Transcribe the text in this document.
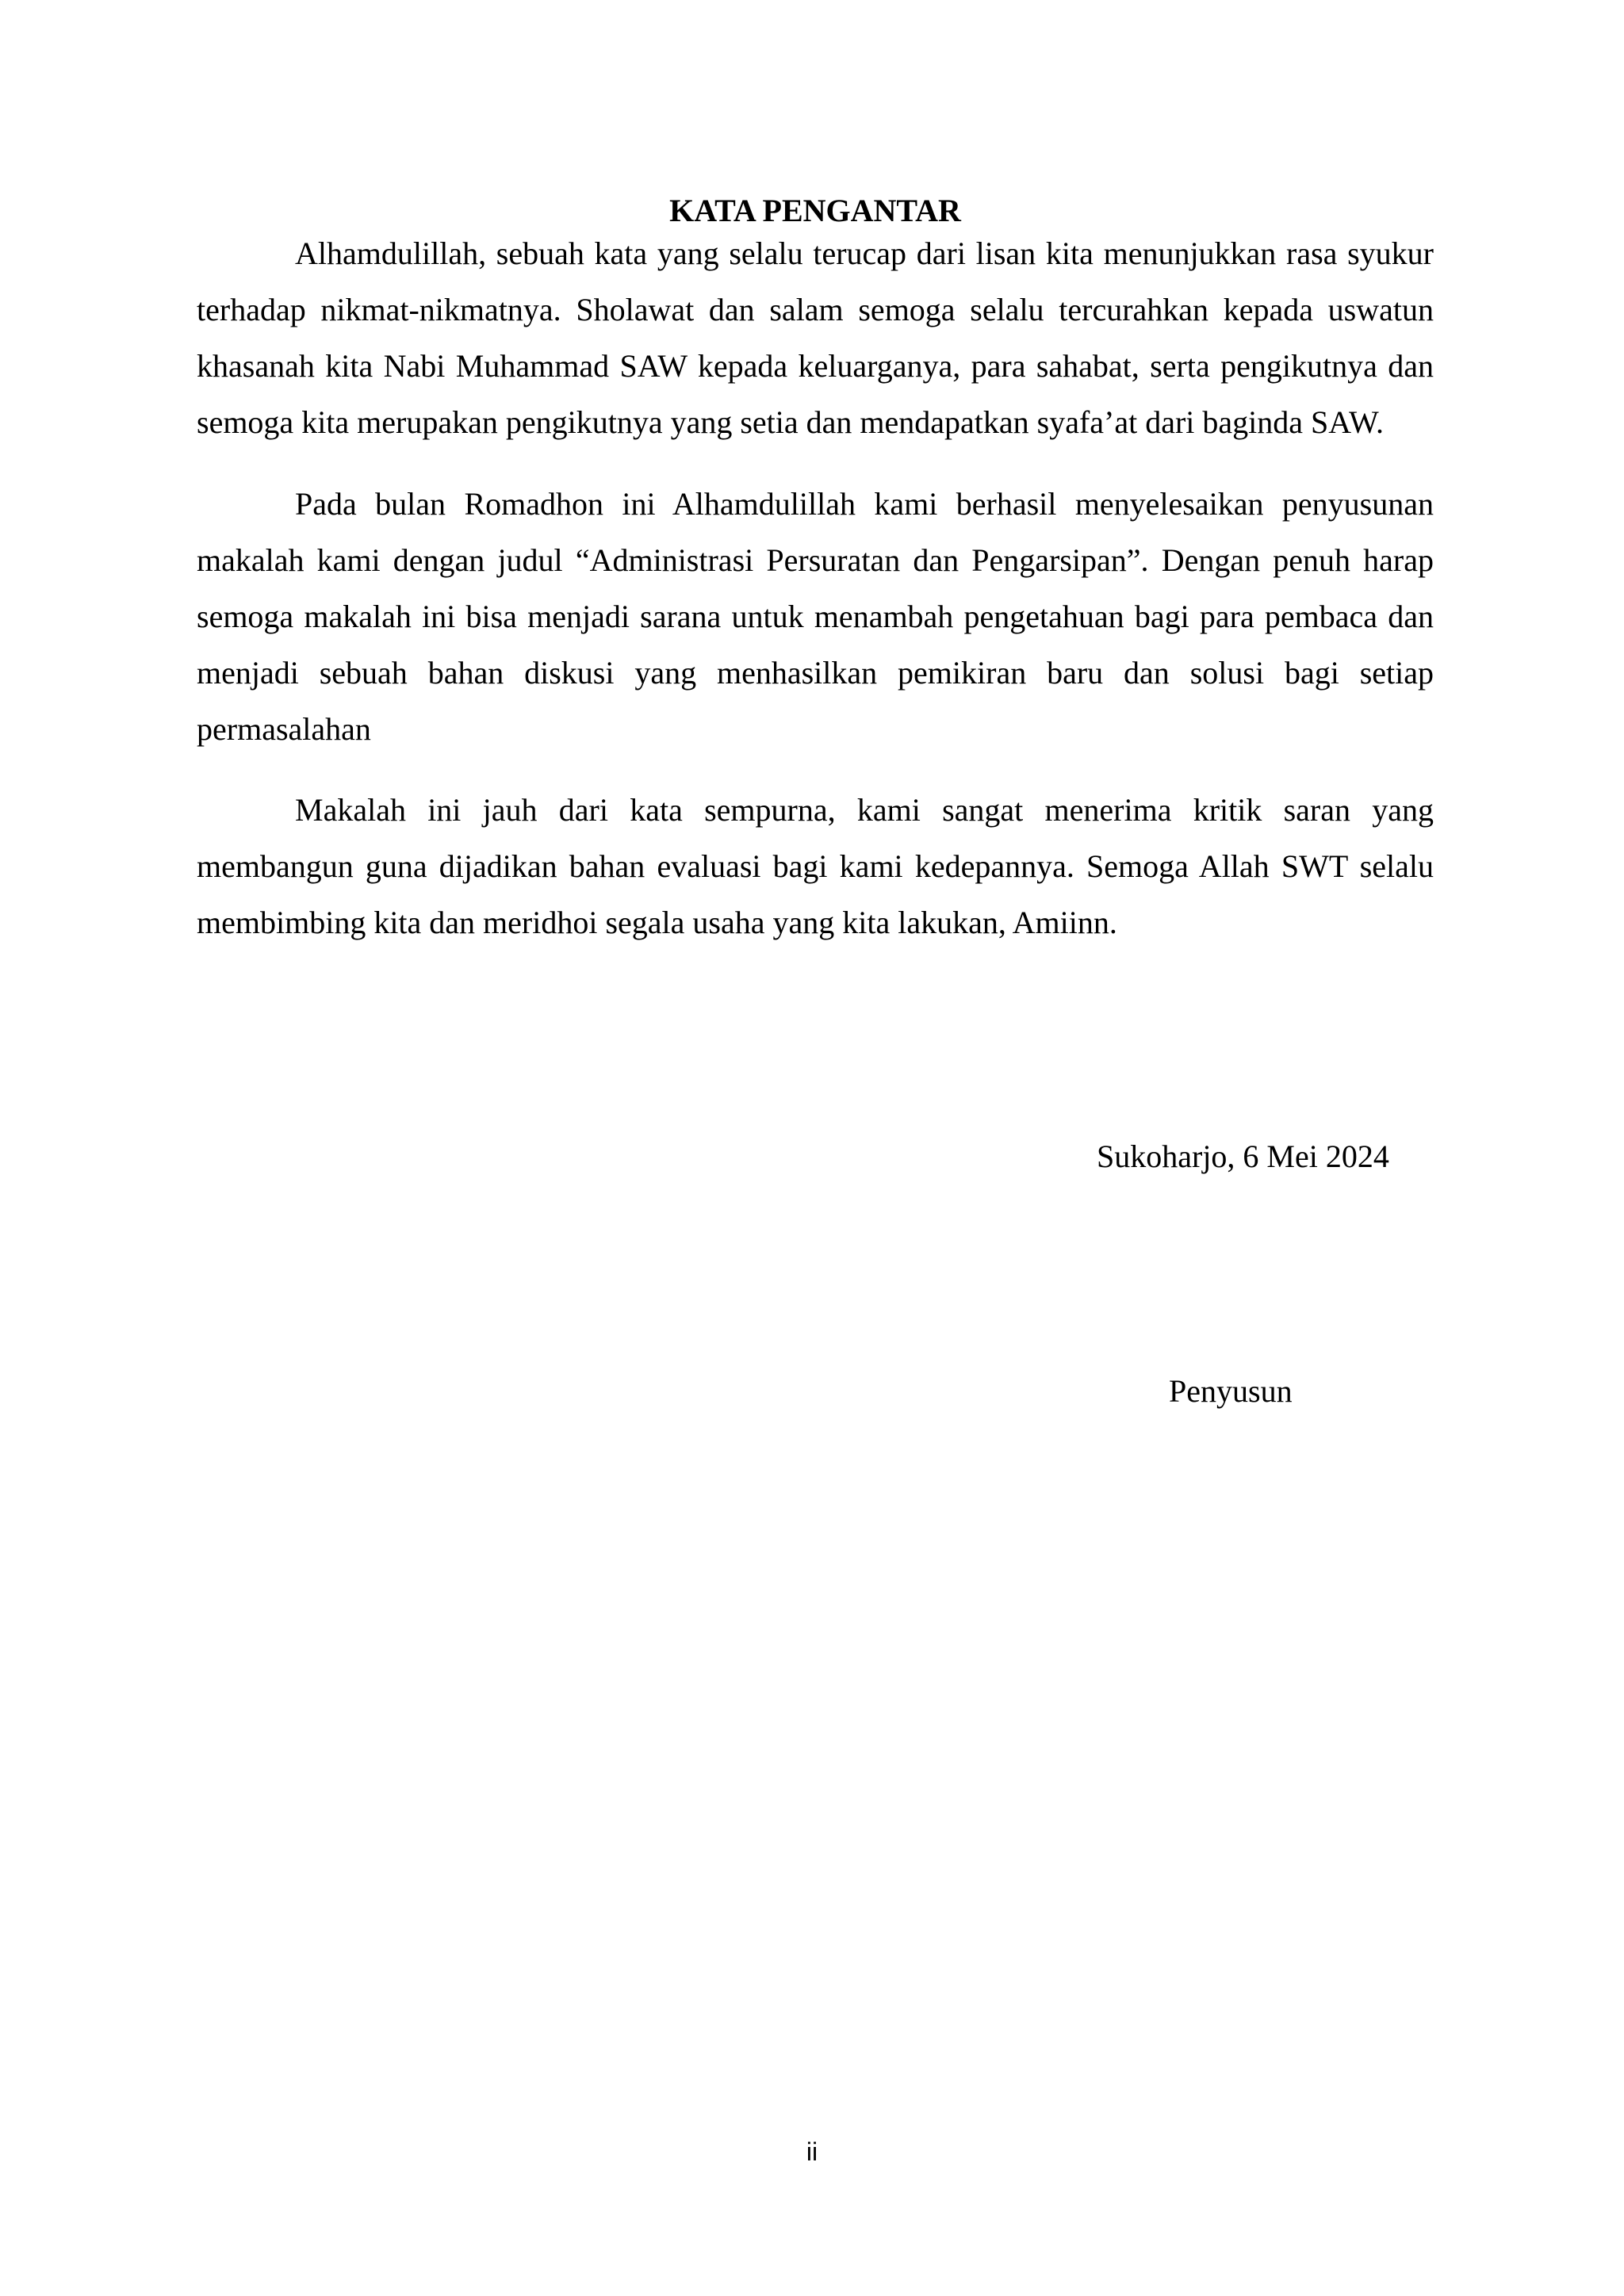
KATA PENGANTAR

Alhamdulillah, sebuah kata yang selalu terucap dari lisan kita menunjukkan rasa syukur terhadap nikmat-nikmatnya. Sholawat dan salam semoga selalu tercurahkan kepada uswatun khasanah kita Nabi Muhammad SAW kepada keluarganya, para sahabat, serta pengikutnya dan semoga kita merupakan pengikutnya yang setia dan mendapatkan syafa’at dari baginda SAW.

Pada bulan Romadhon ini Alhamdulillah kami berhasil menyelesaikan penyusunan makalah kami dengan judul “Administrasi Persuratan dan Pengarsipan”. Dengan penuh harap semoga makalah ini bisa menjadi sarana untuk menambah pengetahuan bagi para pembaca dan menjadi sebuah bahan diskusi yang menhasilkan pemikiran baru dan solusi bagi setiap permasalahan

Makalah ini jauh dari kata sempurna, kami sangat menerima kritik saran yang membangun guna dijadikan bahan evaluasi bagi kami kedepannya. Semoga Allah SWT selalu membimbing kita dan meridhoi segala usaha yang kita lakukan, Amiinn.

Sukoharjo, 6 Mei 2024

Penyusun

ii
